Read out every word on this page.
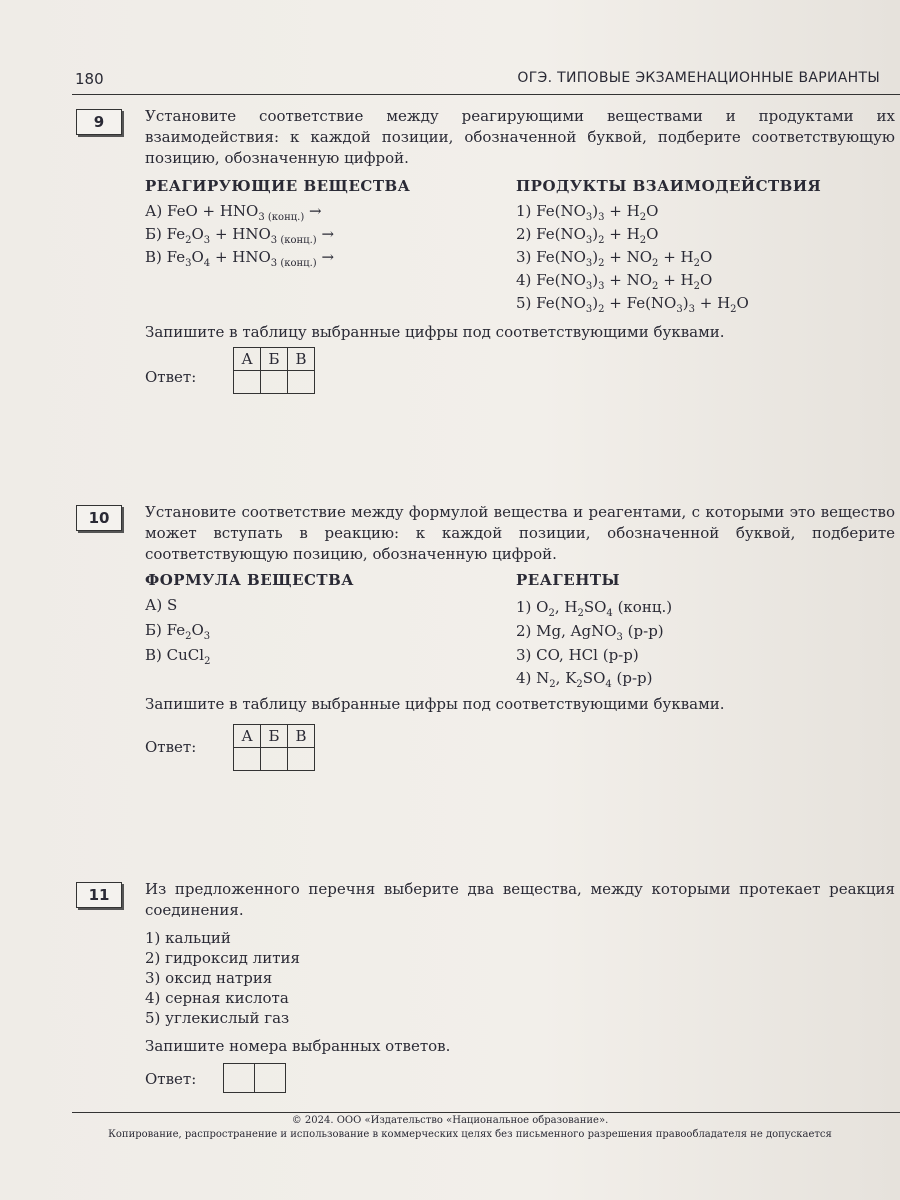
180	ОГЭ. ТИПОВЫЕ ЭКЗАМЕНАЦИОННЫЕ ВАРИАНТЫ
9	Установите соответствие между реагирующими веществами и продуктами их взаимодействия: к каждой позиции, обозначенной буквой, подберите соответствующую позицию, обозначенную цифрой.
РЕАГИРУЮЩИЕ ВЕЩЕСТВА	ПРОДУКТЫ ВЗАИМОДЕЙСТВИЯ
А) FeO + $HNO_{3 (конц.)}$ →
Б) $Fe_2O_3 + HNO_{3 (конц.)}$ →
В) $Fe_3O_4 + HNO_{3 (конц.)}$ →
1) $Fe(NO_3)_3 + H_2O$
2) $Fe(NO_3)_2 + H_2O$
3) $Fe(NO_3)_2 + NO_2 + H_2O$
4) $Fe(NO_3)_3 + NO_2 + H_2O$
5) $Fe(NO_3)_2 + Fe(NO_3)_3 + H_2O$
Запишите в таблицу выбранные цифры под соответствующими буквами.
Ответ:
А	Б	В

10	Установите соответствие между формулой вещества и реагентами, с которыми это вещество может вступать в реакцию: к каждой позиции, обозначенной буквой, подберите соответствующую позицию, обозначенную цифрой.
ФОРМУЛА ВЕЩЕСТВА	РЕАГЕНТЫ
А) S
Б) $Fe_2O_3$
В) CuCl$_2$
1) $O_2$, $H_2SO_4$ (конц.)
2) Mg, AgNO$_3$ (р-р)
3) CO, HCl (р-р)
4) $N_2$, $K_2SO_4$ (р-р)
Запишите в таблицу выбранные цифры под соответствующими буквами.
Ответ:
А	Б	В

11	Из предложенного перечня выберите два вещества, между которыми протекает реакция соединения.
1) кальций
2) гидроксид лития
3) оксид натрия
4) серная кислота
5) углекислый газ
Запишите номера выбранных ответов.
Ответ:

© 2024. ООО «Издательство «Национальное образование».
Копирование, распространение и использование в коммерческих целях без письменного разрешения правообладателя не допускается
